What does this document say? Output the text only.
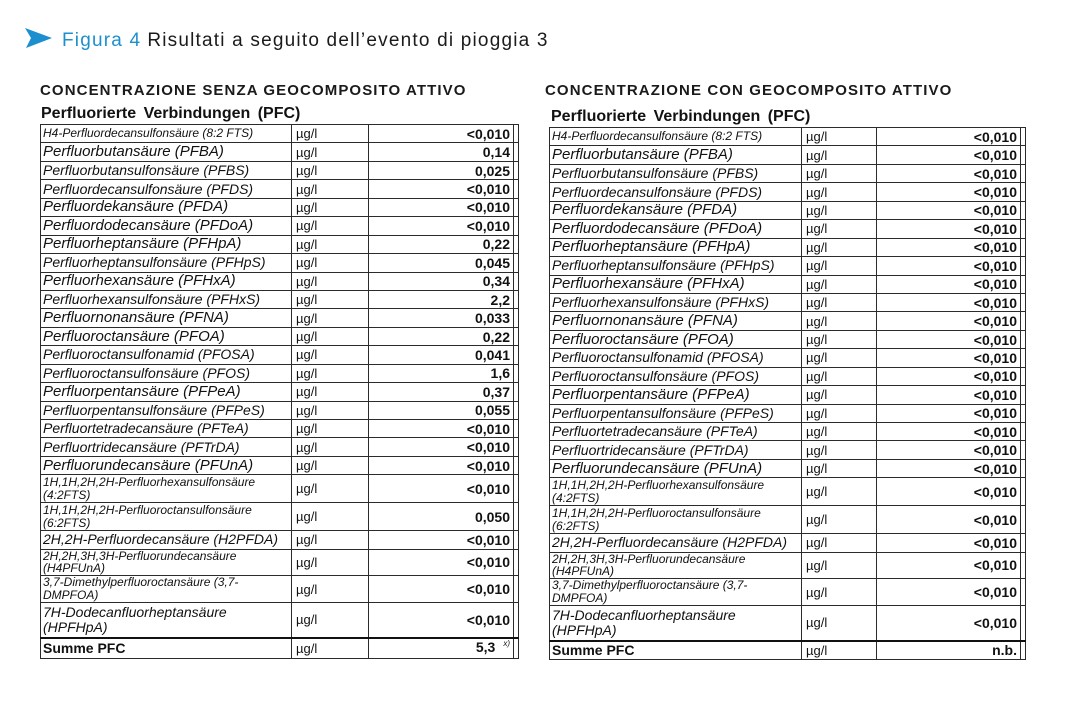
Figura 4 Risultati a seguito dell’evento di pioggia 3
CONCENTRAZIONE SENZA GEOCOMPOSITO ATTIVO
Perfluorierte Verbindungen (PFC)
H4-Perfluordecansulfonsäure (8:2 FTS)	µg/l	<0,010	
Perfluorbutansäure (PFBA)	µg/l	0,14	
Perfluorbutansulfonsäure (PFBS)	µg/l	0,025	
Perfluordecansulfonsäure (PFDS)	µg/l	<0,010	
Perfluordekansäure (PFDA)	µg/l	<0,010	
Perfluordodecansäure (PFDoA)	µg/l	<0,010	
Perfluorheptansäure (PFHpA)	µg/l	0,22	
Perfluorheptansulfonsäure (PFHpS)	µg/l	0,045	
Perfluorhexansäure (PFHxA)	µg/l	0,34	
Perfluorhexansulfonsäure (PFHxS)	µg/l	2,2	
Perfluornonansäure (PFNA)	µg/l	0,033	
Perfluoroctansäure (PFOA)	µg/l	0,22	
Perfluoroctansulfonamid (PFOSA)	µg/l	0,041	
Perfluoroctansulfonsäure (PFOS)	µg/l	1,6	
Perfluorpentansäure (PFPeA)	µg/l	0,37	
Perfluorpentansulfonsäure (PFPeS)	µg/l	0,055	
Perfluortetradecansäure (PFTeA)	µg/l	<0,010	
Perfluortridecansäure (PFTrDA)	µg/l	<0,010	
Perfluorundecansäure (PFUnA)	µg/l	<0,010	
1H,1H,2H,2H-Perfluorhexansulfonsäure
(4:2FTS)	µg/l	<0,010	
1H,1H,2H,2H-Perfluoroctansulfonsäure
(6:2FTS)	µg/l	0,050	
2H,2H-Perfluordecansäure (H2PFDA)	µg/l	<0,010	
2H,2H,3H,3H-Perfluorundecansäure
(H4PFUnA)	µg/l	<0,010	
3,7-Dimethylperfluoroctansäure (3,7-
DMPFOA)	µg/l	<0,010	
7H-Dodecanfluorheptansäure
(HPFHpA)	µg/l	<0,010	
Summe PFC	µg/l	5,3 $^{x)}$	
CONCENTRAZIONE CON GEOCOMPOSITO ATTIVO
Perfluorierte Verbindungen (PFC)
H4-Perfluordecansulfonsäure (8:2 FTS)	µg/l	<0,010	
Perfluorbutansäure (PFBA)	µg/l	<0,010	
Perfluorbutansulfonsäure (PFBS)	µg/l	<0,010	
Perfluordecansulfonsäure (PFDS)	µg/l	<0,010	
Perfluordekansäure (PFDA)	µg/l	<0,010	
Perfluordodecansäure (PFDoA)	µg/l	<0,010	
Perfluorheptansäure (PFHpA)	µg/l	<0,010	
Perfluorheptansulfonsäure (PFHpS)	µg/l	<0,010	
Perfluorhexansäure (PFHxA)	µg/l	<0,010	
Perfluorhexansulfonsäure (PFHxS)	µg/l	<0,010	
Perfluornonansäure (PFNA)	µg/l	<0,010	
Perfluoroctansäure (PFOA)	µg/l	<0,010	
Perfluoroctansulfonamid (PFOSA)	µg/l	<0,010	
Perfluoroctansulfonsäure (PFOS)	µg/l	<0,010	
Perfluorpentansäure (PFPeA)	µg/l	<0,010	
Perfluorpentansulfonsäure (PFPeS)	µg/l	<0,010	
Perfluortetradecansäure (PFTeA)	µg/l	<0,010	
Perfluortridecansäure (PFTrDA)	µg/l	<0,010	
Perfluorundecansäure (PFUnA)	µg/l	<0,010	
1H,1H,2H,2H-Perfluorhexansulfonsäure
(4:2FTS)	µg/l	<0,010	
1H,1H,2H,2H-Perfluoroctansulfonsäure
(6:2FTS)	µg/l	<0,010	
2H,2H-Perfluordecansäure (H2PFDA)	µg/l	<0,010	
2H,2H,3H,3H-Perfluorundecansäure
(H4PFUnA)	µg/l	<0,010	
3,7-Dimethylperfluoroctansäure (3,7-
DMPFOA)	µg/l	<0,010	
7H-Dodecanfluorheptansäure
(HPFHpA)	µg/l	<0,010	
Summe PFC	µg/l	n.b.	
